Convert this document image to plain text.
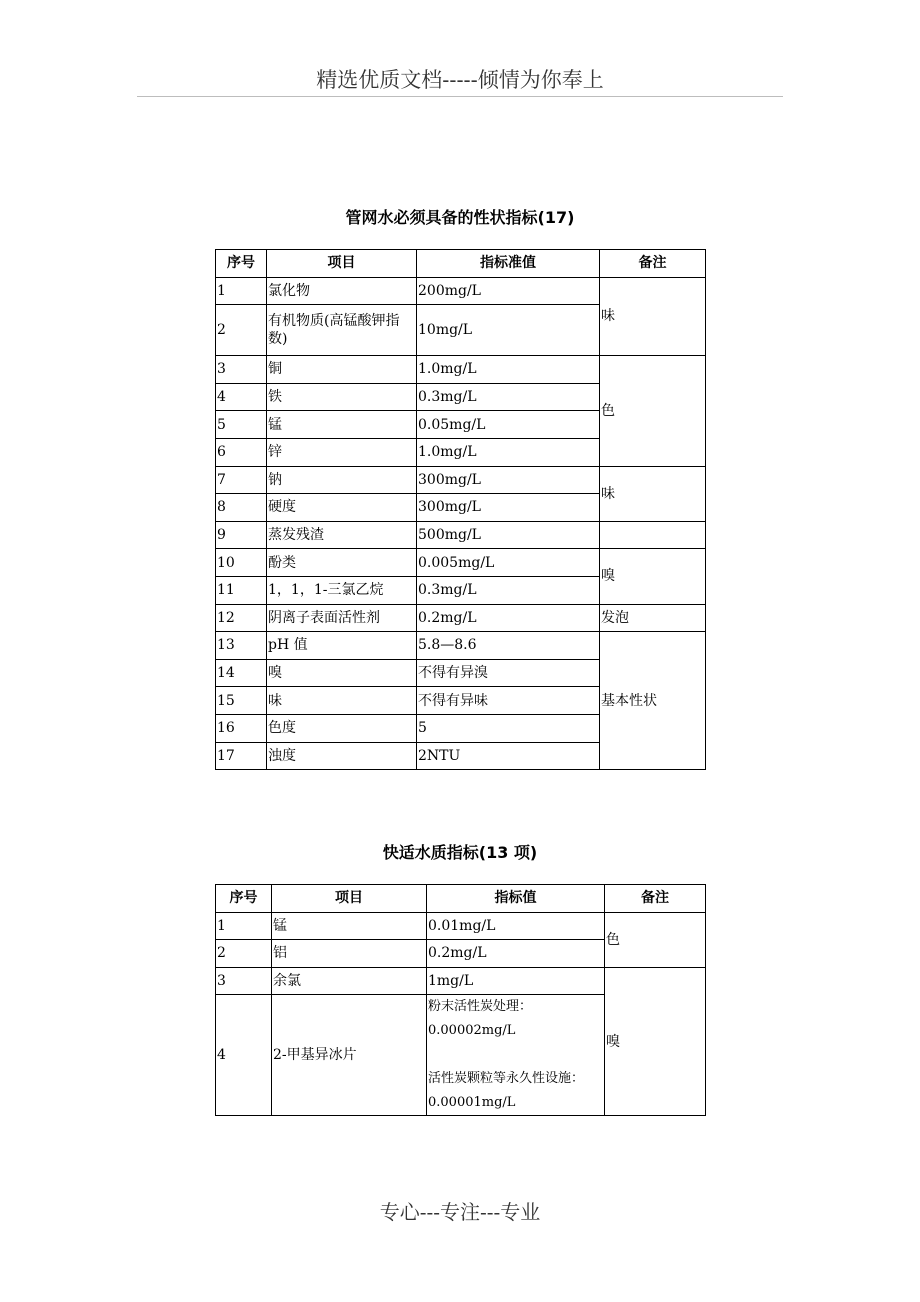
精选优质文档-----倾情为你奉上
管网水必须具备的性状指标(17)
序号	项目	指标准值	备注
1	氯化物	200mg/L	味
2	有机物质(高锰酸钾指数)	10mg/L	
3	铜	1.0mg/L	色
4	铁	0.3mg/L	
5	锰	0.05mg/L	
6	锌	1.0mg/L	
7	钠	300mg/L	味
8	硬度	300mg/L	
9	蒸发残渣	500mg/L	
10	酚类	0.005mg/L	嗅
11	1，1，1-三氯乙烷	0.3mg/L	
12	阴离子表面活性剂	0.2mg/L	发泡
13	pH 值	5.8—8.6	基本性状
14	嗅	不得有异溴	
15	味	不得有异味	
16	色度	5	
17	浊度	2NTU	
快适水质指标(13 项)
序号	项目	指标值	备注
1	锰	0.01mg/L	色
2	铝	0.2mg/L	
3	余氯	1mg/L	嗅
4	2-甲基异冰片	粉末活性炭处理：
0.00002mg/L
活性炭颗粒等永久性设施：
0.00001mg/L	
专心---专注---专业
